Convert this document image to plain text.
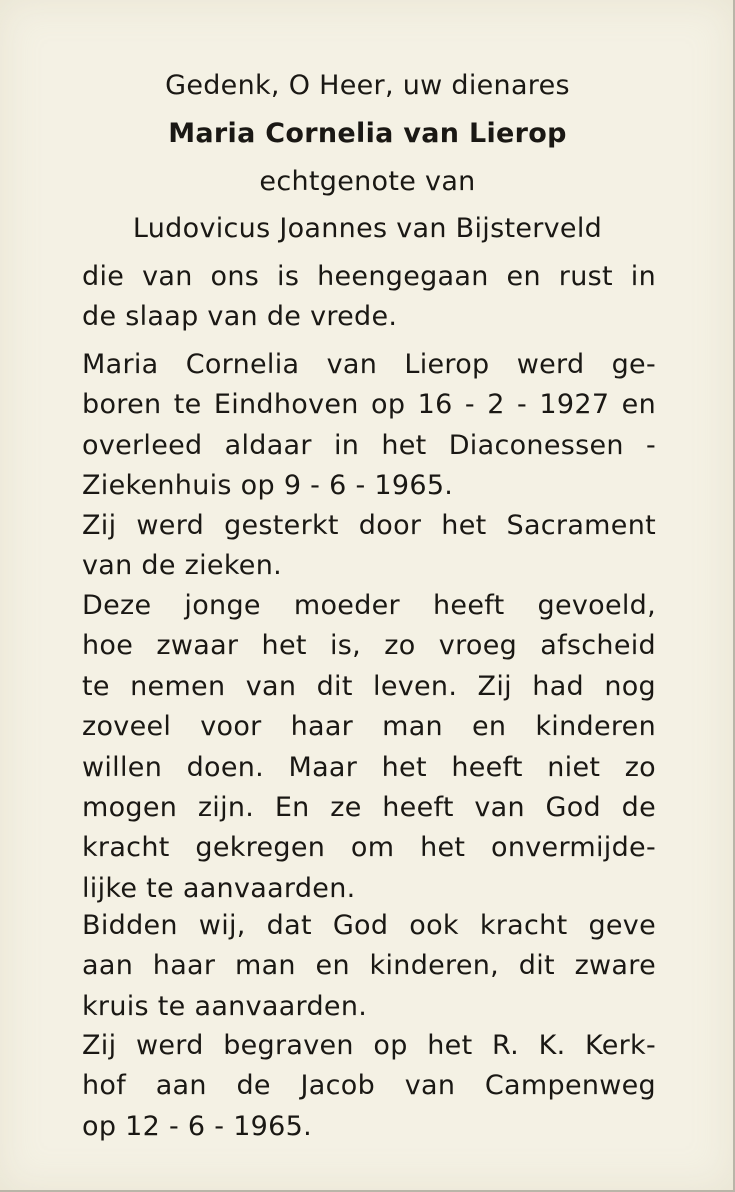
Gedenk, O Heer, uw dienares
Maria Cornelia van Lierop
echtgenote van
Ludovicus Joannes van Bijsterveld
die van ons is heengegaan en rust in
de slaap van de vrede.
Maria Cornelia van Lierop werd ge-
boren te Eindhoven op 16 - 2 - 1927 en
overleed aldaar in het Diaconessen -
Ziekenhuis op 9 - 6 - 1965.
Zij werd gesterkt door het Sacrament
van de zieken.
Deze jonge moeder heeft gevoeld,
hoe zwaar het is, zo vroeg afscheid
te nemen van dit leven. Zij had nog
zoveel voor haar man en kinderen
willen doen. Maar het heeft niet zo
mogen zijn. En ze heeft van God de
kracht gekregen om het onvermijde-
lijke te aanvaarden.
Bidden wij, dat God ook kracht geve
aan haar man en kinderen, dit zware
kruis te aanvaarden.
Zij werd begraven op het R. K. Kerk-
hof aan de Jacob van Campenweg
op 12 - 6 - 1965.
